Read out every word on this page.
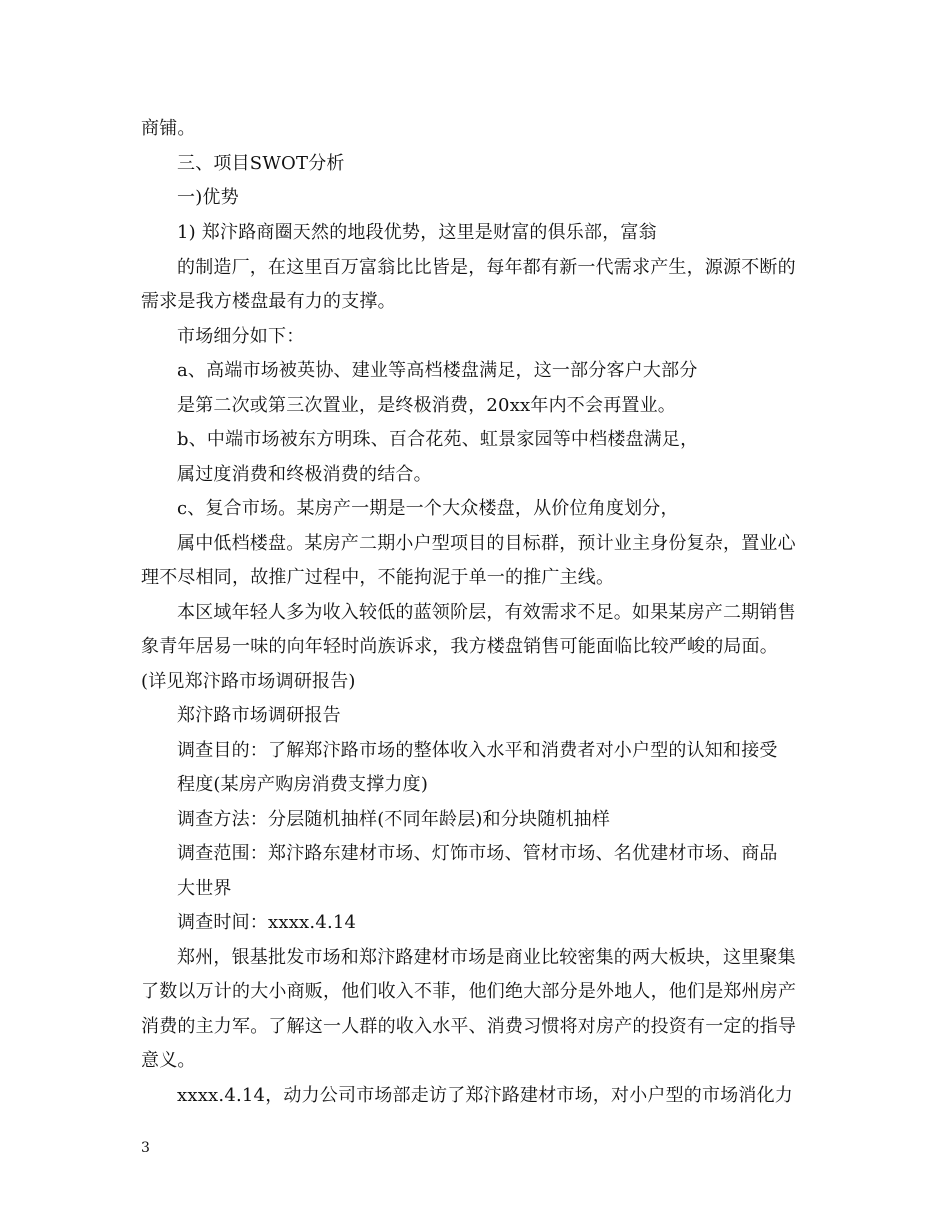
商铺。
三、项目SWOT分析
一)优势
1) 郑汴路商圈天然的地段优势，这里是财富的俱乐部，富翁
的制造厂，在这里百万富翁比比皆是，每年都有新一代需求产生，源源不断的
需求是我方楼盘最有力的支撑。
市场细分如下：
a、高端市场被英协、建业等高档楼盘满足，这一部分客户大部分
是第二次或第三次置业，是终极消费，20xx年内不会再置业。
b、中端市场被东方明珠、百合花苑、虹景家园等中档楼盘满足，
属过度消费和终极消费的结合。
c、复合市场。某房产一期是一个大众楼盘，从价位角度划分，
属中低档楼盘。某房产二期小户型项目的目标群，预计业主身份复杂，置业心
理不尽相同，故推广过程中，不能拘泥于单一的推广主线。
本区域年轻人多为收入较低的蓝领阶层，有效需求不足。如果某房产二期销售
象青年居易一味的向年轻时尚族诉求，我方楼盘销售可能面临比较严峻的局面。
(详见郑汴路市场调研报告)
郑汴路市场调研报告
调查目的：了解郑汴路市场的整体收入水平和消费者对小户型的认知和接受
程度(某房产购房消费支撑力度)
调查方法：分层随机抽样(不同年龄层)和分块随机抽样
调查范围：郑汴路东建材市场、灯饰市场、管材市场、名优建材市场、商品
大世界
调查时间：xxxx.4.14
郑州，银基批发市场和郑汴路建材市场是商业比较密集的两大板块，这里聚集
了数以万计的大小商贩，他们收入不菲，他们绝大部分是外地人，他们是郑州房产
消费的主力军。了解这一人群的收入水平、消费习惯将对房产的投资有一定的指导
意义。
xxxx.4.14，动力公司市场部走访了郑汴路建材市场，对小户型的市场消化力
3
